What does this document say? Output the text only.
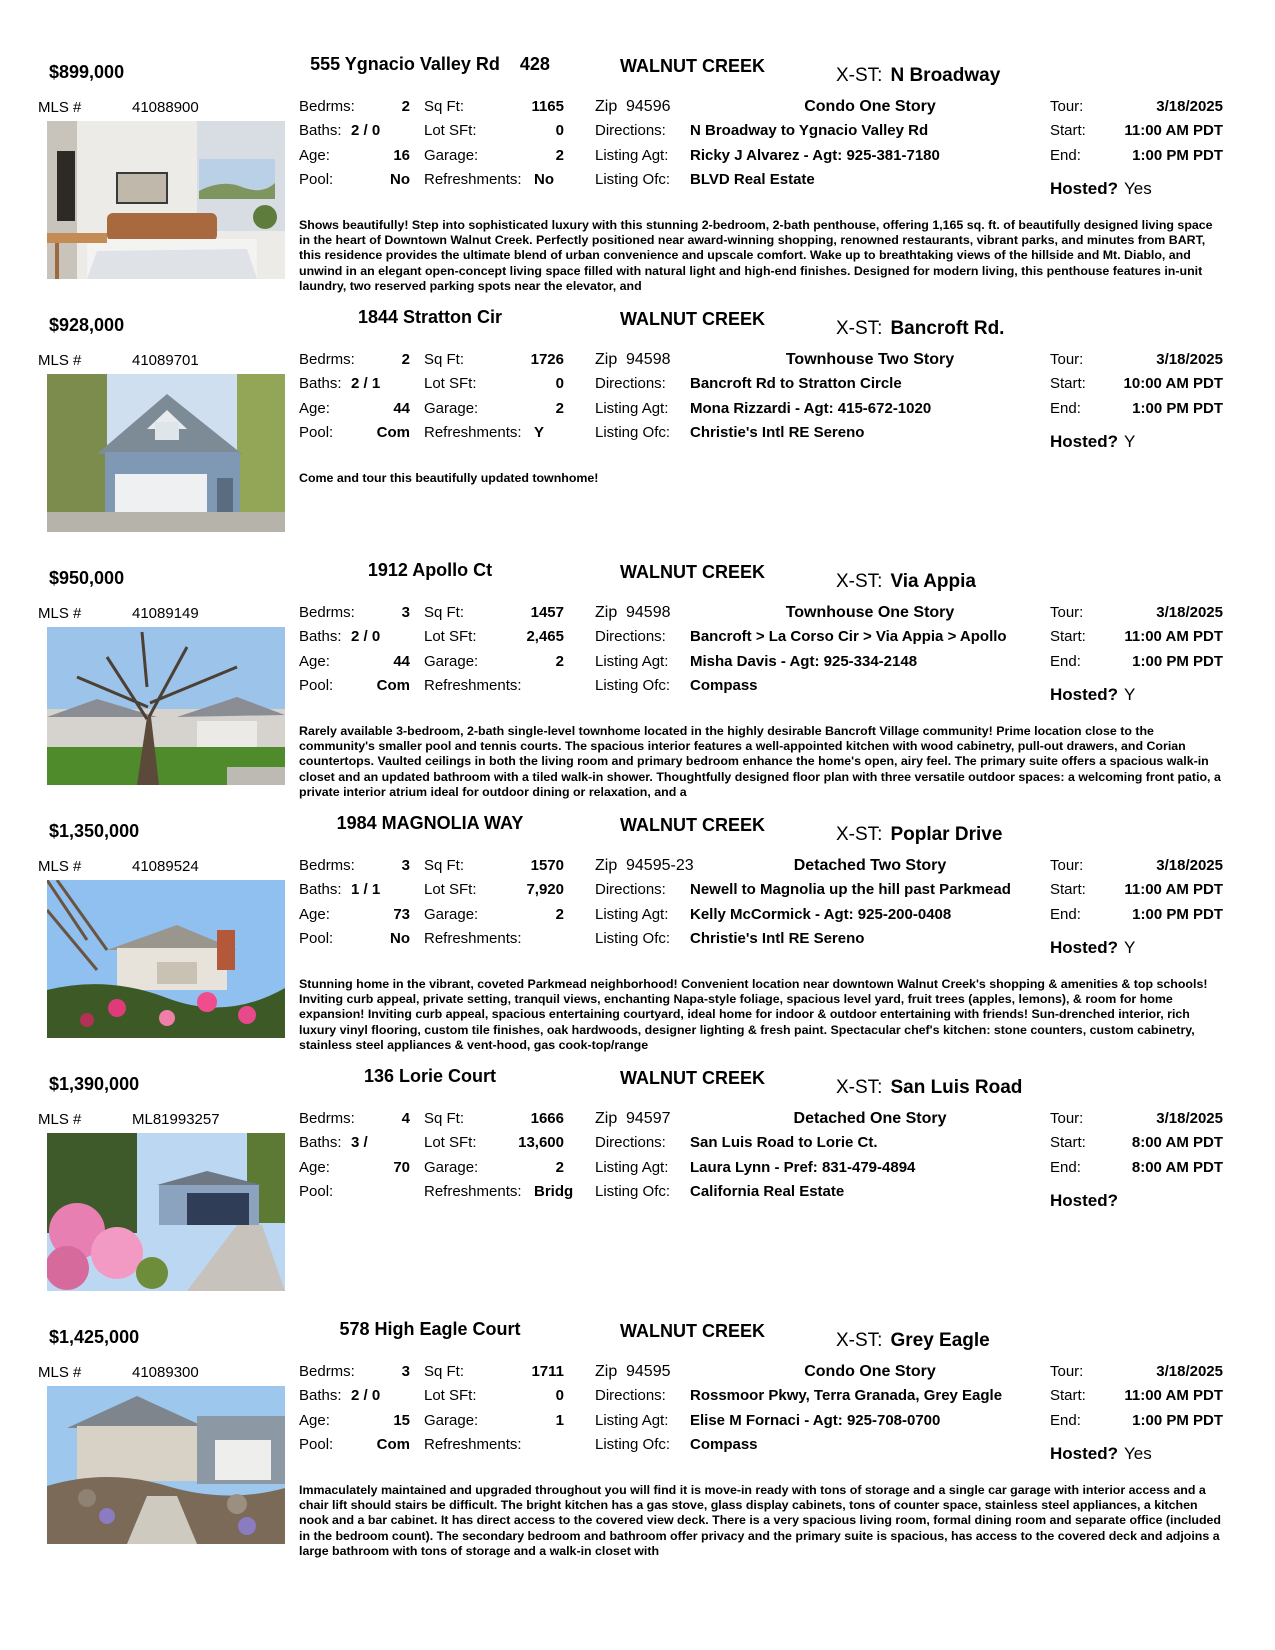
$899,000	555 Ygnacio Valley Rd    428	WALNUT CREEK	X-ST: N Broadway
MLS #	41088900	Bedrms:	2
Baths: 2 / 0
Age:	16
Pool:	No
Sq Ft:	1165
Lot SFt:	0
Garage:	2
Refreshments: No
Zip 94596	Condo One Story
Directions: N Broadway to Ygnacio Valley Rd
Listing Agt: Ricky J Alvarez - Agt: 925-381-7180
Listing Ofc: BLVD Real Estate
Tour:	3/18/2025
Start:	11:00 AM PDT
End:	1:00 PM PDT
Hosted? Yes
Shows beautifully! Step into sophisticated luxury with this stunning 2-bedroom, 2-bath penthouse, offering 1,165 sq. ft. of beautifully designed living space in the heart of Downtown Walnut Creek. Perfectly positioned near award-winning shopping, renowned restaurants, vibrant parks, and minutes from BART, this residence provides the ultimate blend of urban convenience and upscale comfort. Wake up to breathtaking views of the hillside and Mt. Diablo, and unwind in an elegant open-concept living space filled with natural light and high-end finishes. Designed for modern living, this penthouse features in-unit laundry, two reserved parking spots near the elevator, and
$928,000	1844 Stratton Cir	WALNUT CREEK	X-ST: Bancroft Rd.
MLS #	41089701	Bedrms:	2
Baths: 2 / 1
Age:	44
Pool:	Com
Sq Ft:	1726
Lot SFt:	0
Garage:	2
Refreshments: Y
Zip 94598	Townhouse Two Story
Directions: Bancroft Rd to Stratton Circle
Listing Agt: Mona Rizzardi - Agt: 415-672-1020
Listing Ofc: Christie's Intl RE Sereno
Tour:	3/18/2025
Start:	10:00 AM PDT
End:	1:00 PM PDT
Hosted? Y
Come and tour this beautifully updated townhome!
$950,000	1912 Apollo Ct	WALNUT CREEK	X-ST: Via Appia
MLS #	41089149	Bedrms:	3
Baths: 2 / 0
Age:	44
Pool:	Com
Sq Ft:	1457
Lot SFt:	2,465
Garage:	2
Refreshments:
Zip 94598	Townhouse One Story
Directions: Bancroft > La Corso Cir > Via Appia > Apollo
Listing Agt: Misha Davis - Agt: 925-334-2148
Listing Ofc: Compass
Tour:	3/18/2025
Start:	11:00 AM PDT
End:	1:00 PM PDT
Hosted? Y
Rarely available 3-bedroom, 2-bath single-level townhome located in the highly desirable Bancroft Village community! Prime location close to the community's smaller pool and tennis courts. The spacious interior features a well-appointed kitchen with wood cabinetry, pull-out drawers, and Corian countertops. Vaulted ceilings in both the living room and primary bedroom enhance the home's open, airy feel. The primary suite offers a spacious walk-in closet and an updated bathroom with a tiled walk-in shower. Thoughtfully designed floor plan with three versatile outdoor spaces: a welcoming front patio, a private interior atrium ideal for outdoor dining or relaxation, and a
$1,350,000	1984 MAGNOLIA WAY	WALNUT CREEK	X-ST: Poplar Drive
MLS #	41089524	Bedrms:	3
Baths: 1 / 1
Age:	73
Pool:	No
Sq Ft:	1570
Lot SFt:	7,920
Garage:	2
Refreshments:
Zip 94595-23	Detached Two Story
Directions: Newell to Magnolia up the hill past Parkmead
Listing Agt: Kelly McCormick - Agt: 925-200-0408
Listing Ofc: Christie's Intl RE Sereno
Tour:	3/18/2025
Start:	11:00 AM PDT
End:	1:00 PM PDT
Hosted? Y
Stunning home in the vibrant, coveted Parkmead neighborhood! Convenient location near downtown Walnut Creek's shopping & amenities & top schools! Inviting curb appeal, private setting, tranquil views, enchanting Napa-style foliage, spacious level yard, fruit trees (apples, lemons), & room for home expansion! Inviting curb appeal, spacious entertaining courtyard, ideal home for indoor & outdoor entertaining with friends! Sun-drenched interior, rich luxury vinyl flooring, custom tile finishes, oak hardwoods, designer lighting & fresh paint. Spectacular chef's kitchen: stone counters, custom cabinetry, stainless steel appliances & vent-hood, gas cook-top/range
$1,390,000	136 Lorie Court	WALNUT CREEK	X-ST: San Luis Road
MLS #	ML81993257	Bedrms:	4
Baths: 3 /
Age:	70
Pool:
Sq Ft:	1666
Lot SFt:	13,600
Garage:	2
Refreshments: Bridg
Zip 94597	Detached One Story
Directions: San Luis Road to Lorie Ct.
Listing Agt: Laura Lynn - Pref: 831-479-4894
Listing Ofc: California Real Estate
Tour:	3/18/2025
Start:	8:00 AM PDT
End:	8:00 AM PDT
Hosted?
$1,425,000	578 High Eagle Court	WALNUT CREEK	X-ST: Grey Eagle
MLS #	41089300	Bedrms:	3
Baths: 2 / 0
Age:	15
Pool:	Com
Sq Ft:	1711
Lot SFt:	0
Garage:	1
Refreshments:
Zip 94595	Condo One Story
Directions: Rossmoor Pkwy, Terra Granada, Grey Eagle
Listing Agt: Elise M Fornaci - Agt: 925-708-0700
Listing Ofc: Compass
Tour:	3/18/2025
Start:	11:00 AM PDT
End:	1:00 PM PDT
Hosted? Yes
Immaculately maintained and upgraded throughout you will find it is move-in ready with tons of storage and a single car garage with interior access and a chair lift should stairs be difficult. The bright kitchen has a gas stove, glass display cabinets, tons of counter space, stainless steel appliances, a kitchen nook and a bar cabinet. It has direct access to the covered view deck. There is a very spacious living room, formal dining room and separate office (included in the bedroom count). The secondary bedroom and bathroom offer privacy and the primary suite is spacious, has access to the covered deck and adjoins a large bathroom with tons of storage and a walk-in closet with
